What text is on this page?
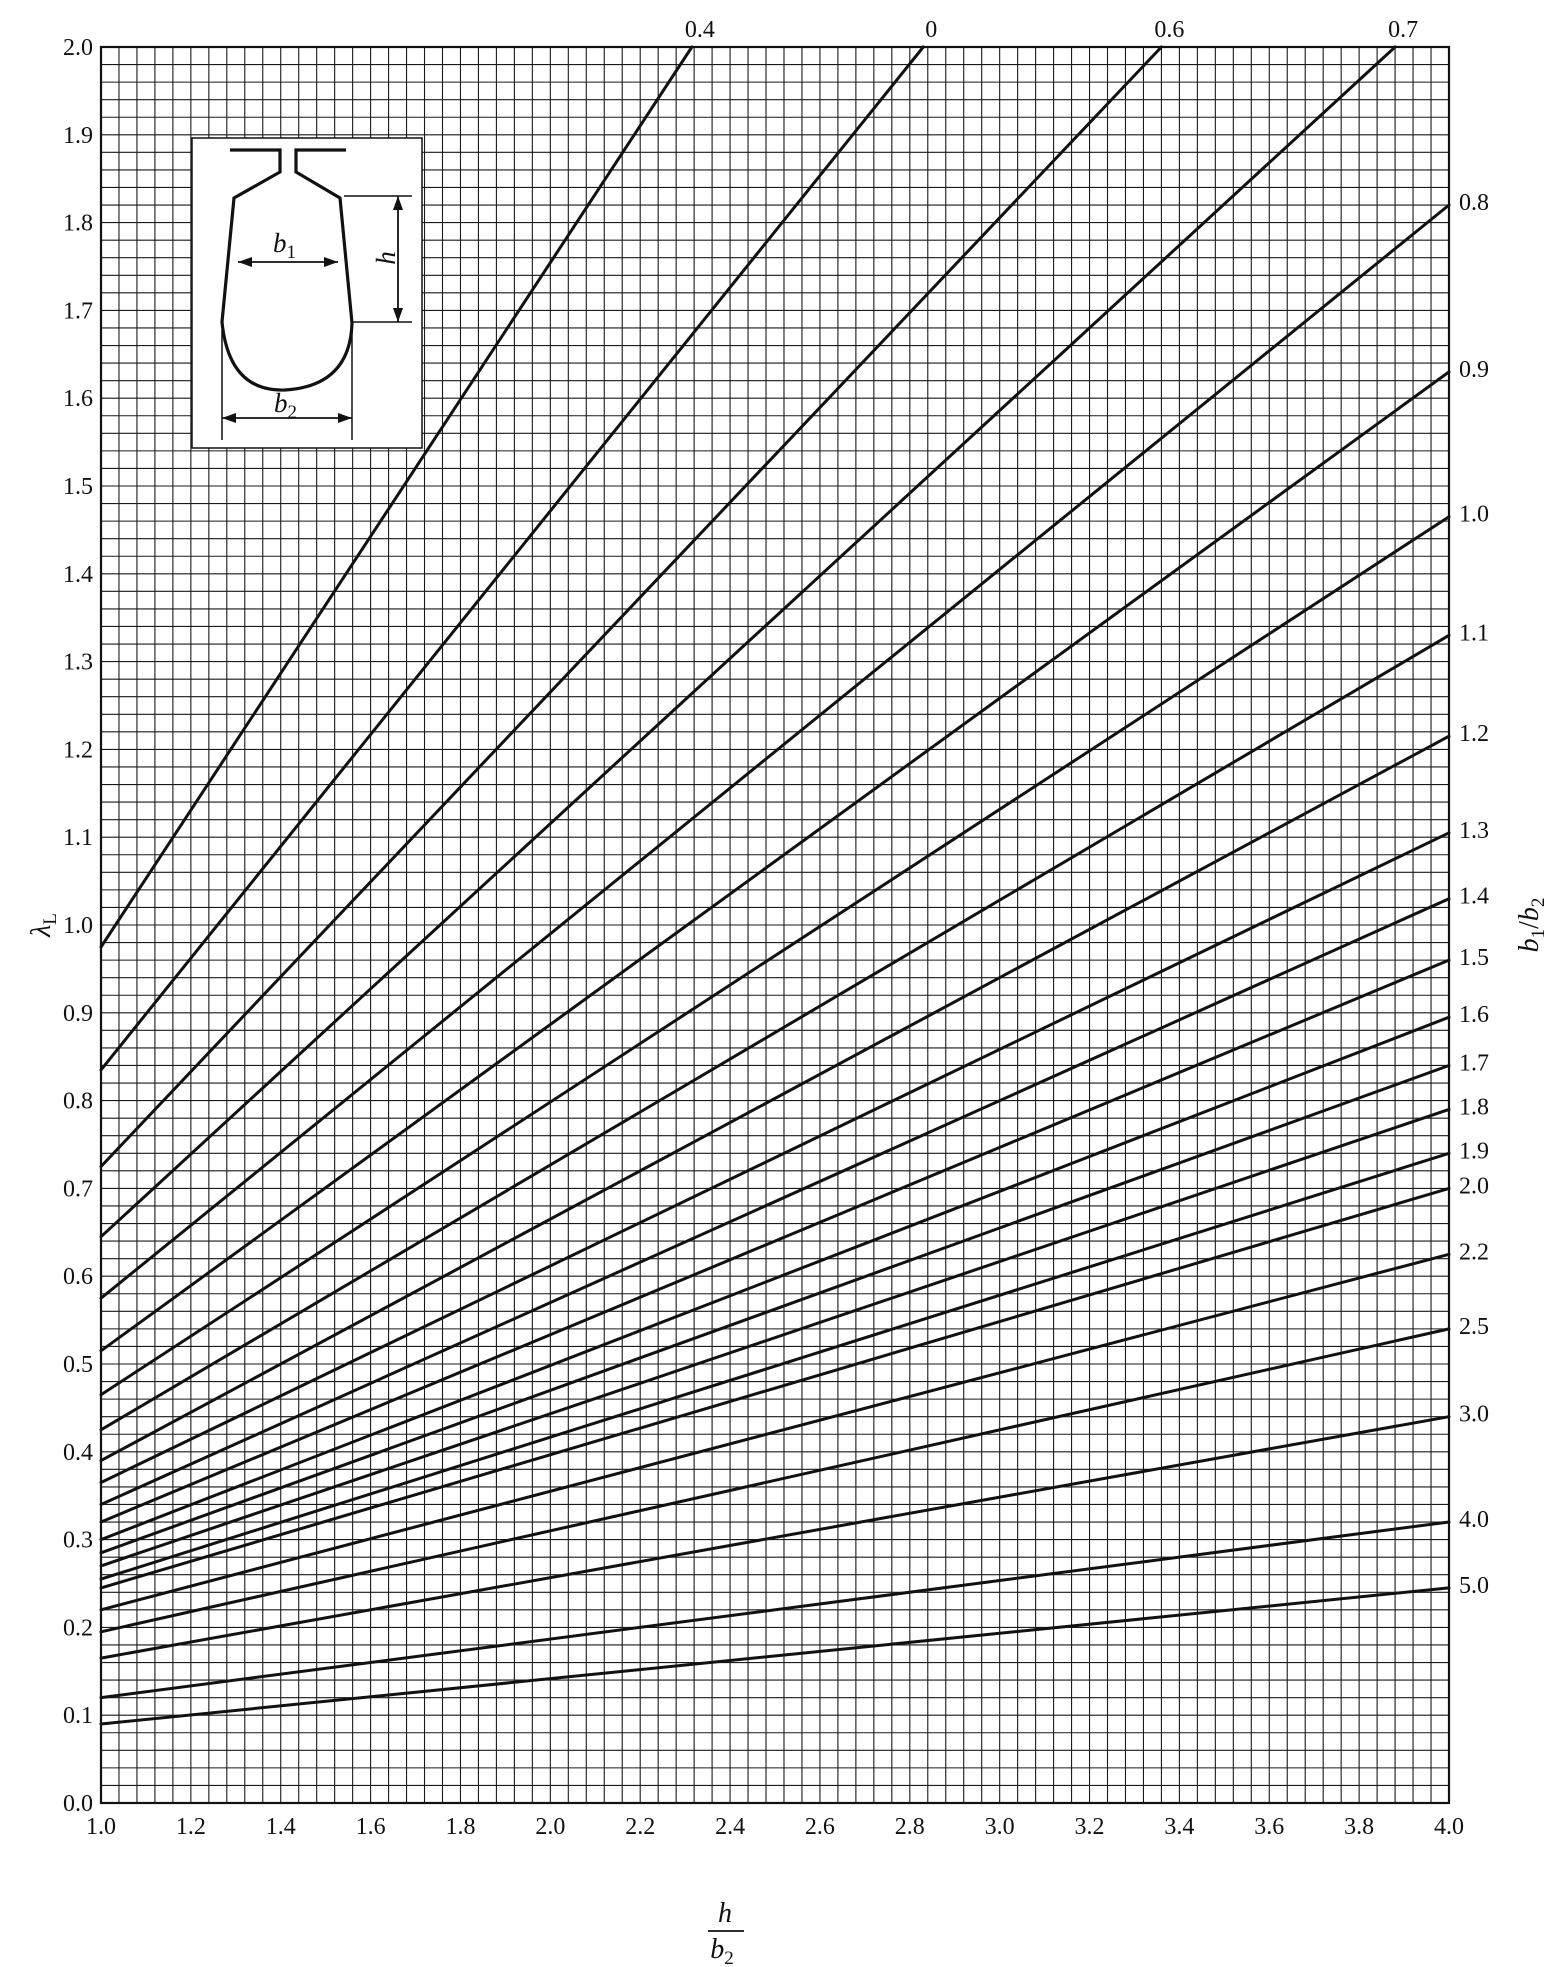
1.0 1.2 1.4 1.6 1.8 2.0 2.2 2.4 2.6 2.8 3.0 3.2 3.4 3.6 3.8 4.0
0.0
0.1
0.2
0.3
0.4
0.5
0.6
0.7
0.8
0.9
1.0
1.1
1.2
1.3
1.4
1.5
1.6
1.7
1.8
1.9
2.0
0.4	0	0.6	0.7
0.8
0.9
1.0
1.1
1.2
1.3
1.4
1.5
1.6
1.7
1.8
1.9
2.0
2.2
2.5
3.0
4.0
5.0
$b_1$
$b_2$
h
$\lambda_L$
$b_1/b_2$
h
$b_2$
